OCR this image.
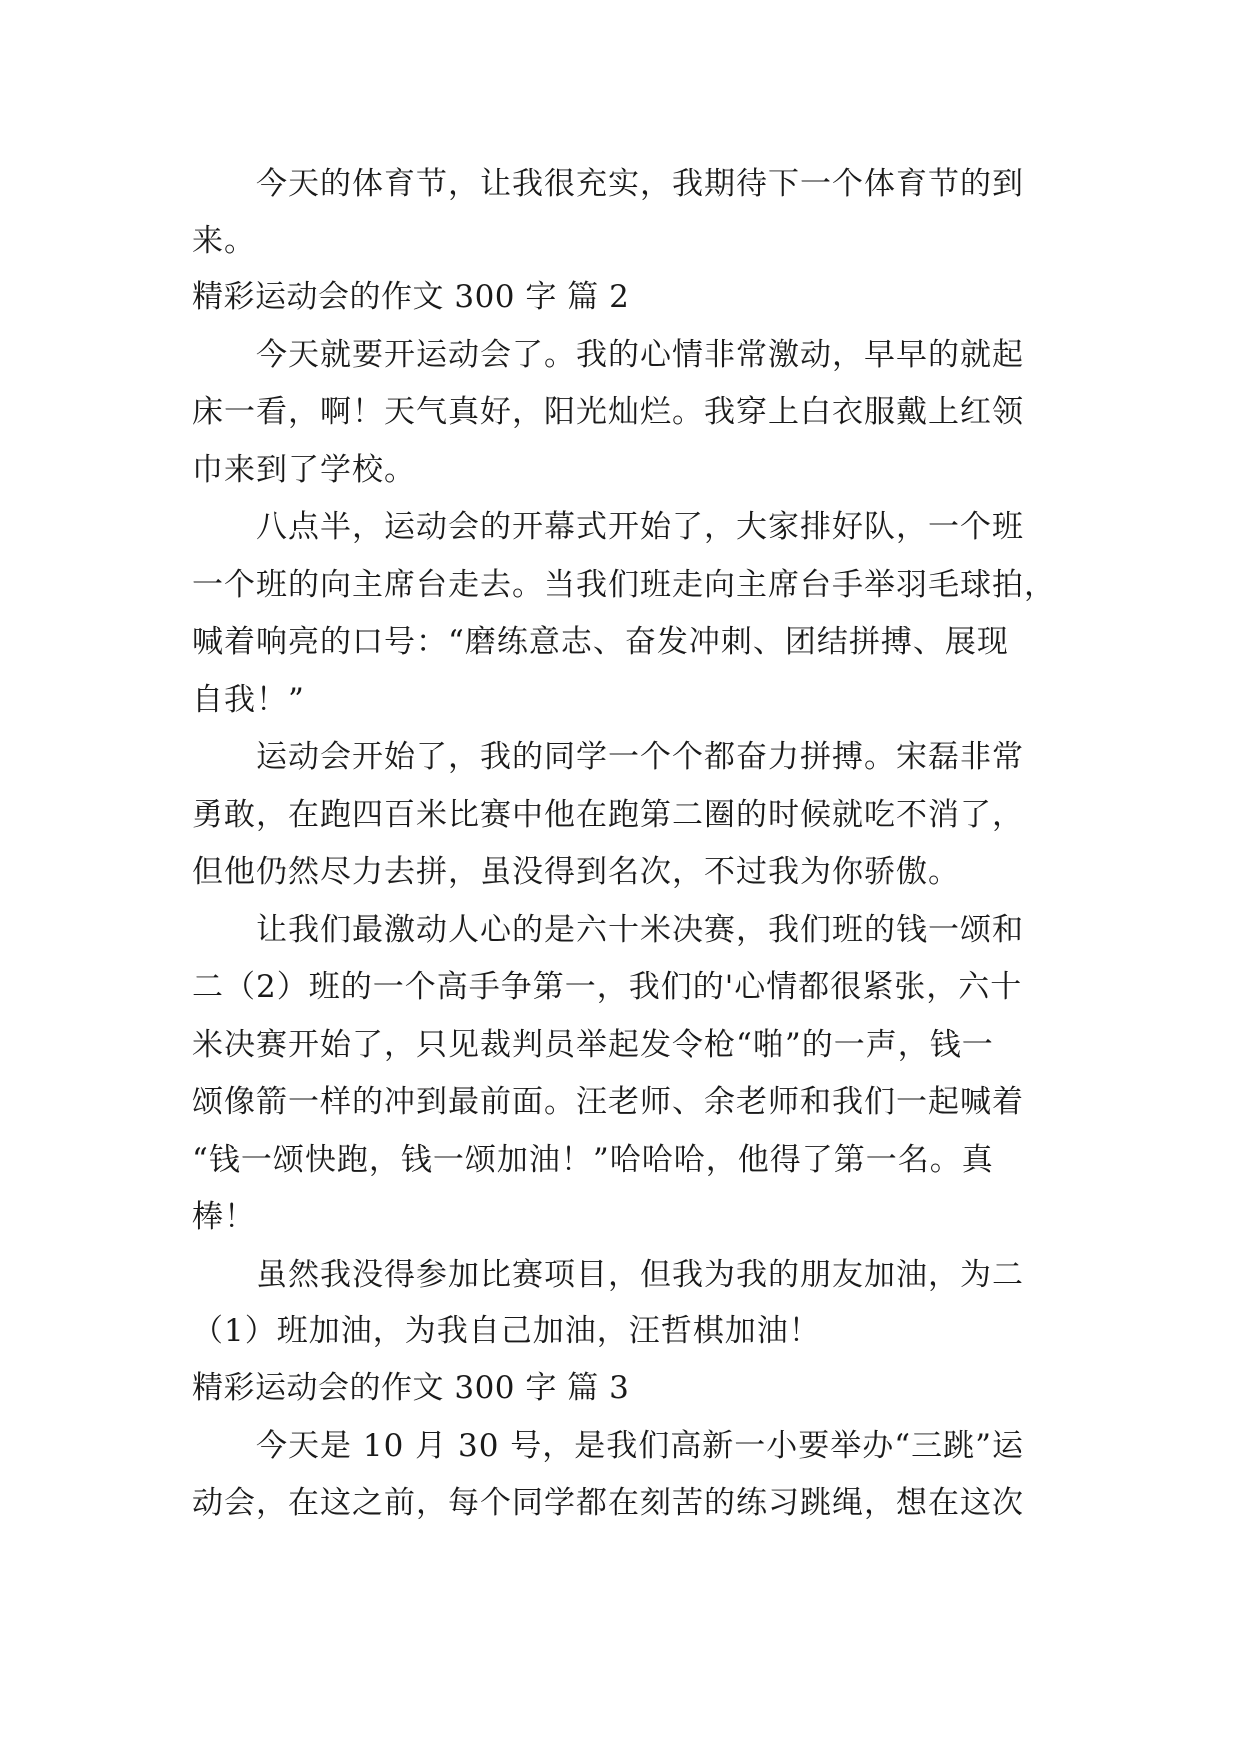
今天的体育节，让我很充实，我期待下一个体育节的到
来。
精彩运动会的作文 300 字 篇 2
今天就要开运动会了。我的心情非常激动，早早的就起
床一看，啊！天气真好，阳光灿烂。我穿上白衣服戴上红领
巾来到了学校。
八点半，运动会的开幕式开始了，大家排好队，一个班
一个班的向主席台走去。当我们班走向主席台手举羽毛球拍，
喊着响亮的口号：“磨练意志、奋发冲刺、团结拼搏、展现
自我！”
运动会开始了，我的同学一个个都奋力拼搏。宋磊非常
勇敢，在跑四百米比赛中他在跑第二圈的时候就吃不消了，
但他仍然尽力去拼，虽没得到名次，不过我为你骄傲。
让我们最激动人心的是六十米决赛，我们班的钱一颂和
二（2）班的一个高手争第一，我们的'心情都很紧张，六十
米决赛开始了，只见裁判员举起发令枪“啪”的一声，钱一
颂像箭一样的冲到最前面。汪老师、余老师和我们一起喊着
“钱一颂快跑，钱一颂加油！”哈哈哈，他得了第一名。真
棒！
虽然我没得参加比赛项目，但我为我的朋友加油，为二
（1）班加油，为我自己加油，汪哲棋加油！
精彩运动会的作文 300 字 篇 3
今天是 10 月 30 号，是我们高新一小要举办“三跳”运
动会，在这之前，每个同学都在刻苦的练习跳绳，想在这次
